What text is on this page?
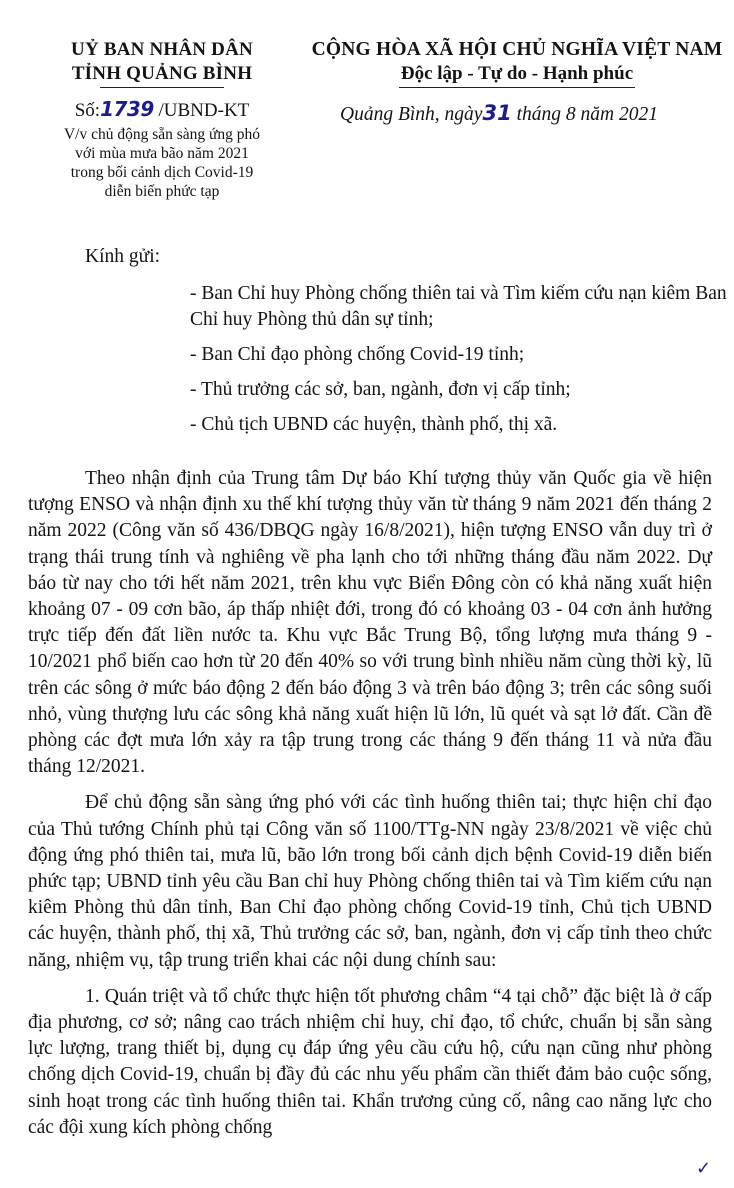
UỶ BAN NHÂN DÂN
TỈNH QUẢNG BÌNH
Số:1739 /UBND-KT
V/v chủ động sẵn sàng ứng phó
với mùa mưa bão năm 2021
trong bối cảnh dịch Covid-19
diễn biến phức tạp
CỘNG HÒA XÃ HỘI CHỦ NGHĨA VIỆT NAM
Độc lập - Tự do - Hạnh phúc
Quảng Bình, ngày31 tháng 8 năm 2021
Kính gửi:
- Ban Chỉ huy Phòng chống thiên tai và Tìm kiếm cứu nạn kiêm Ban Chỉ huy Phòng thủ dân sự tỉnh;
- Ban Chỉ đạo phòng chống Covid-19 tỉnh;
- Thủ trưởng các sở, ban, ngành, đơn vị cấp tỉnh;
- Chủ tịch UBND các huyện, thành phố, thị xã.

Theo nhận định của Trung tâm Dự báo Khí tượng thủy văn Quốc gia về hiện tượng ENSO và nhận định xu thế khí tượng thủy văn từ tháng 9 năm 2021 đến tháng 2 năm 2022 (Công văn số 436/DBQG ngày 16/8/2021), hiện tượng ENSO vẫn duy trì ở trạng thái trung tính và nghiêng về pha lạnh cho tới những tháng đầu năm 2022. Dự báo từ nay cho tới hết năm 2021, trên khu vực Biển Đông còn có khả năng xuất hiện khoảng 07 - 09 cơn bão, áp thấp nhiệt đới, trong đó có khoảng 03 - 04 cơn ảnh hưởng trực tiếp đến đất liền nước ta. Khu vực Bắc Trung Bộ, tổng lượng mưa tháng 9 - 10/2021 phổ biến cao hơn từ 20 đến 40% so với trung bình nhiều năm cùng thời kỳ, lũ trên các sông ở mức báo động 2 đến báo động 3 và trên báo động 3; trên các sông suối nhỏ, vùng thượng lưu các sông khả năng xuất hiện lũ lớn, lũ quét và sạt lở đất. Cần đề phòng các đợt mưa lớn xảy ra tập trung trong các tháng 9 đến tháng 11 và nửa đầu tháng 12/2021.

Để chủ động sẵn sàng ứng phó với các tình huống thiên tai; thực hiện chỉ đạo của Thủ tướng Chính phủ tại Công văn số 1100/TTg-NN ngày 23/8/2021 về việc chủ động ứng phó thiên tai, mưa lũ, bão lớn trong bối cảnh dịch bệnh Covid-19 diễn biến phức tạp; UBND tỉnh yêu cầu Ban chỉ huy Phòng chống thiên tai và Tìm kiếm cứu nạn kiêm Phòng thủ dân tỉnh, Ban Chỉ đạo phòng chống Covid-19 tỉnh, Chủ tịch UBND các huyện, thành phố, thị xã, Thủ trưởng các sở, ban, ngành, đơn vị cấp tỉnh theo chức năng, nhiệm vụ, tập trung triển khai các nội dung chính sau:

1. Quán triệt và tổ chức thực hiện tốt phương châm “4 tại chỗ” đặc biệt là ở cấp địa phương, cơ sở; nâng cao trách nhiệm chỉ huy, chỉ đạo, tổ chức, chuẩn bị sẵn sàng lực lượng, trang thiết bị, dụng cụ đáp ứng yêu cầu cứu hộ, cứu nạn cũng như phòng chống dịch Covid-19, chuẩn bị đầy đủ các nhu yếu phẩm cần thiết đảm bảo cuộc sống, sinh hoạt trong các tình huống thiên tai. Khẩn trương củng cố, nâng cao năng lực cho các đội xung kích phòng chống

✓
